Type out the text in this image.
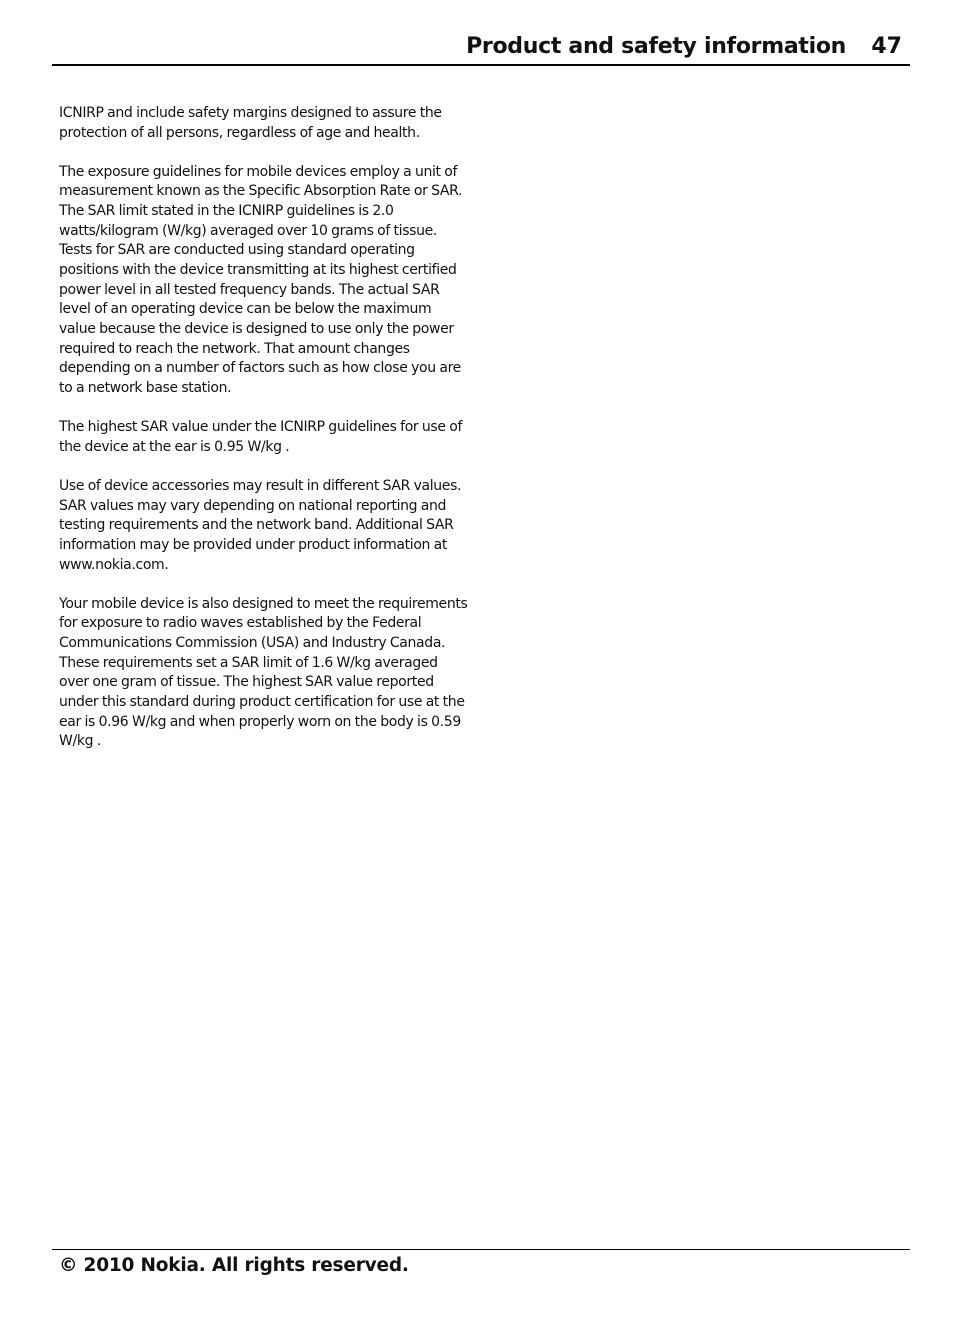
Product and safety information 47

ICNIRP and include safety margins designed to assure the protection of all persons, regardless of age and health.

The exposure guidelines for mobile devices employ a unit of measurement known as the Specific Absorption Rate or SAR. The SAR limit stated in the ICNIRP guidelines is 2.0 watts/kilogram (W/kg) averaged over 10 grams of tissue. Tests for SAR are conducted using standard operating positions with the device transmitting at its highest certified power level in all tested frequency bands. The actual SAR level of an operating device can be below the maximum value because the device is designed to use only the power required to reach the network. That amount changes depending on a number of factors such as how close you are to a network base station.

The highest SAR value under the ICNIRP guidelines for use of the device at the ear is 0.95 W/kg .

Use of device accessories may result in different SAR values. SAR values may vary depending on national reporting and testing requirements and the network band. Additional SAR information may be provided under product information at www.nokia.com.

Your mobile device is also designed to meet the requirements for exposure to radio waves established by the Federal Communications Commission (USA) and Industry Canada. These requirements set a SAR limit of 1.6 W/kg averaged over one gram of tissue. The highest SAR value reported under this standard during product certification for use at the ear is 0.96 W/kg and when properly worn on the body is 0.59 W/kg .

© 2010 Nokia. All rights reserved.
